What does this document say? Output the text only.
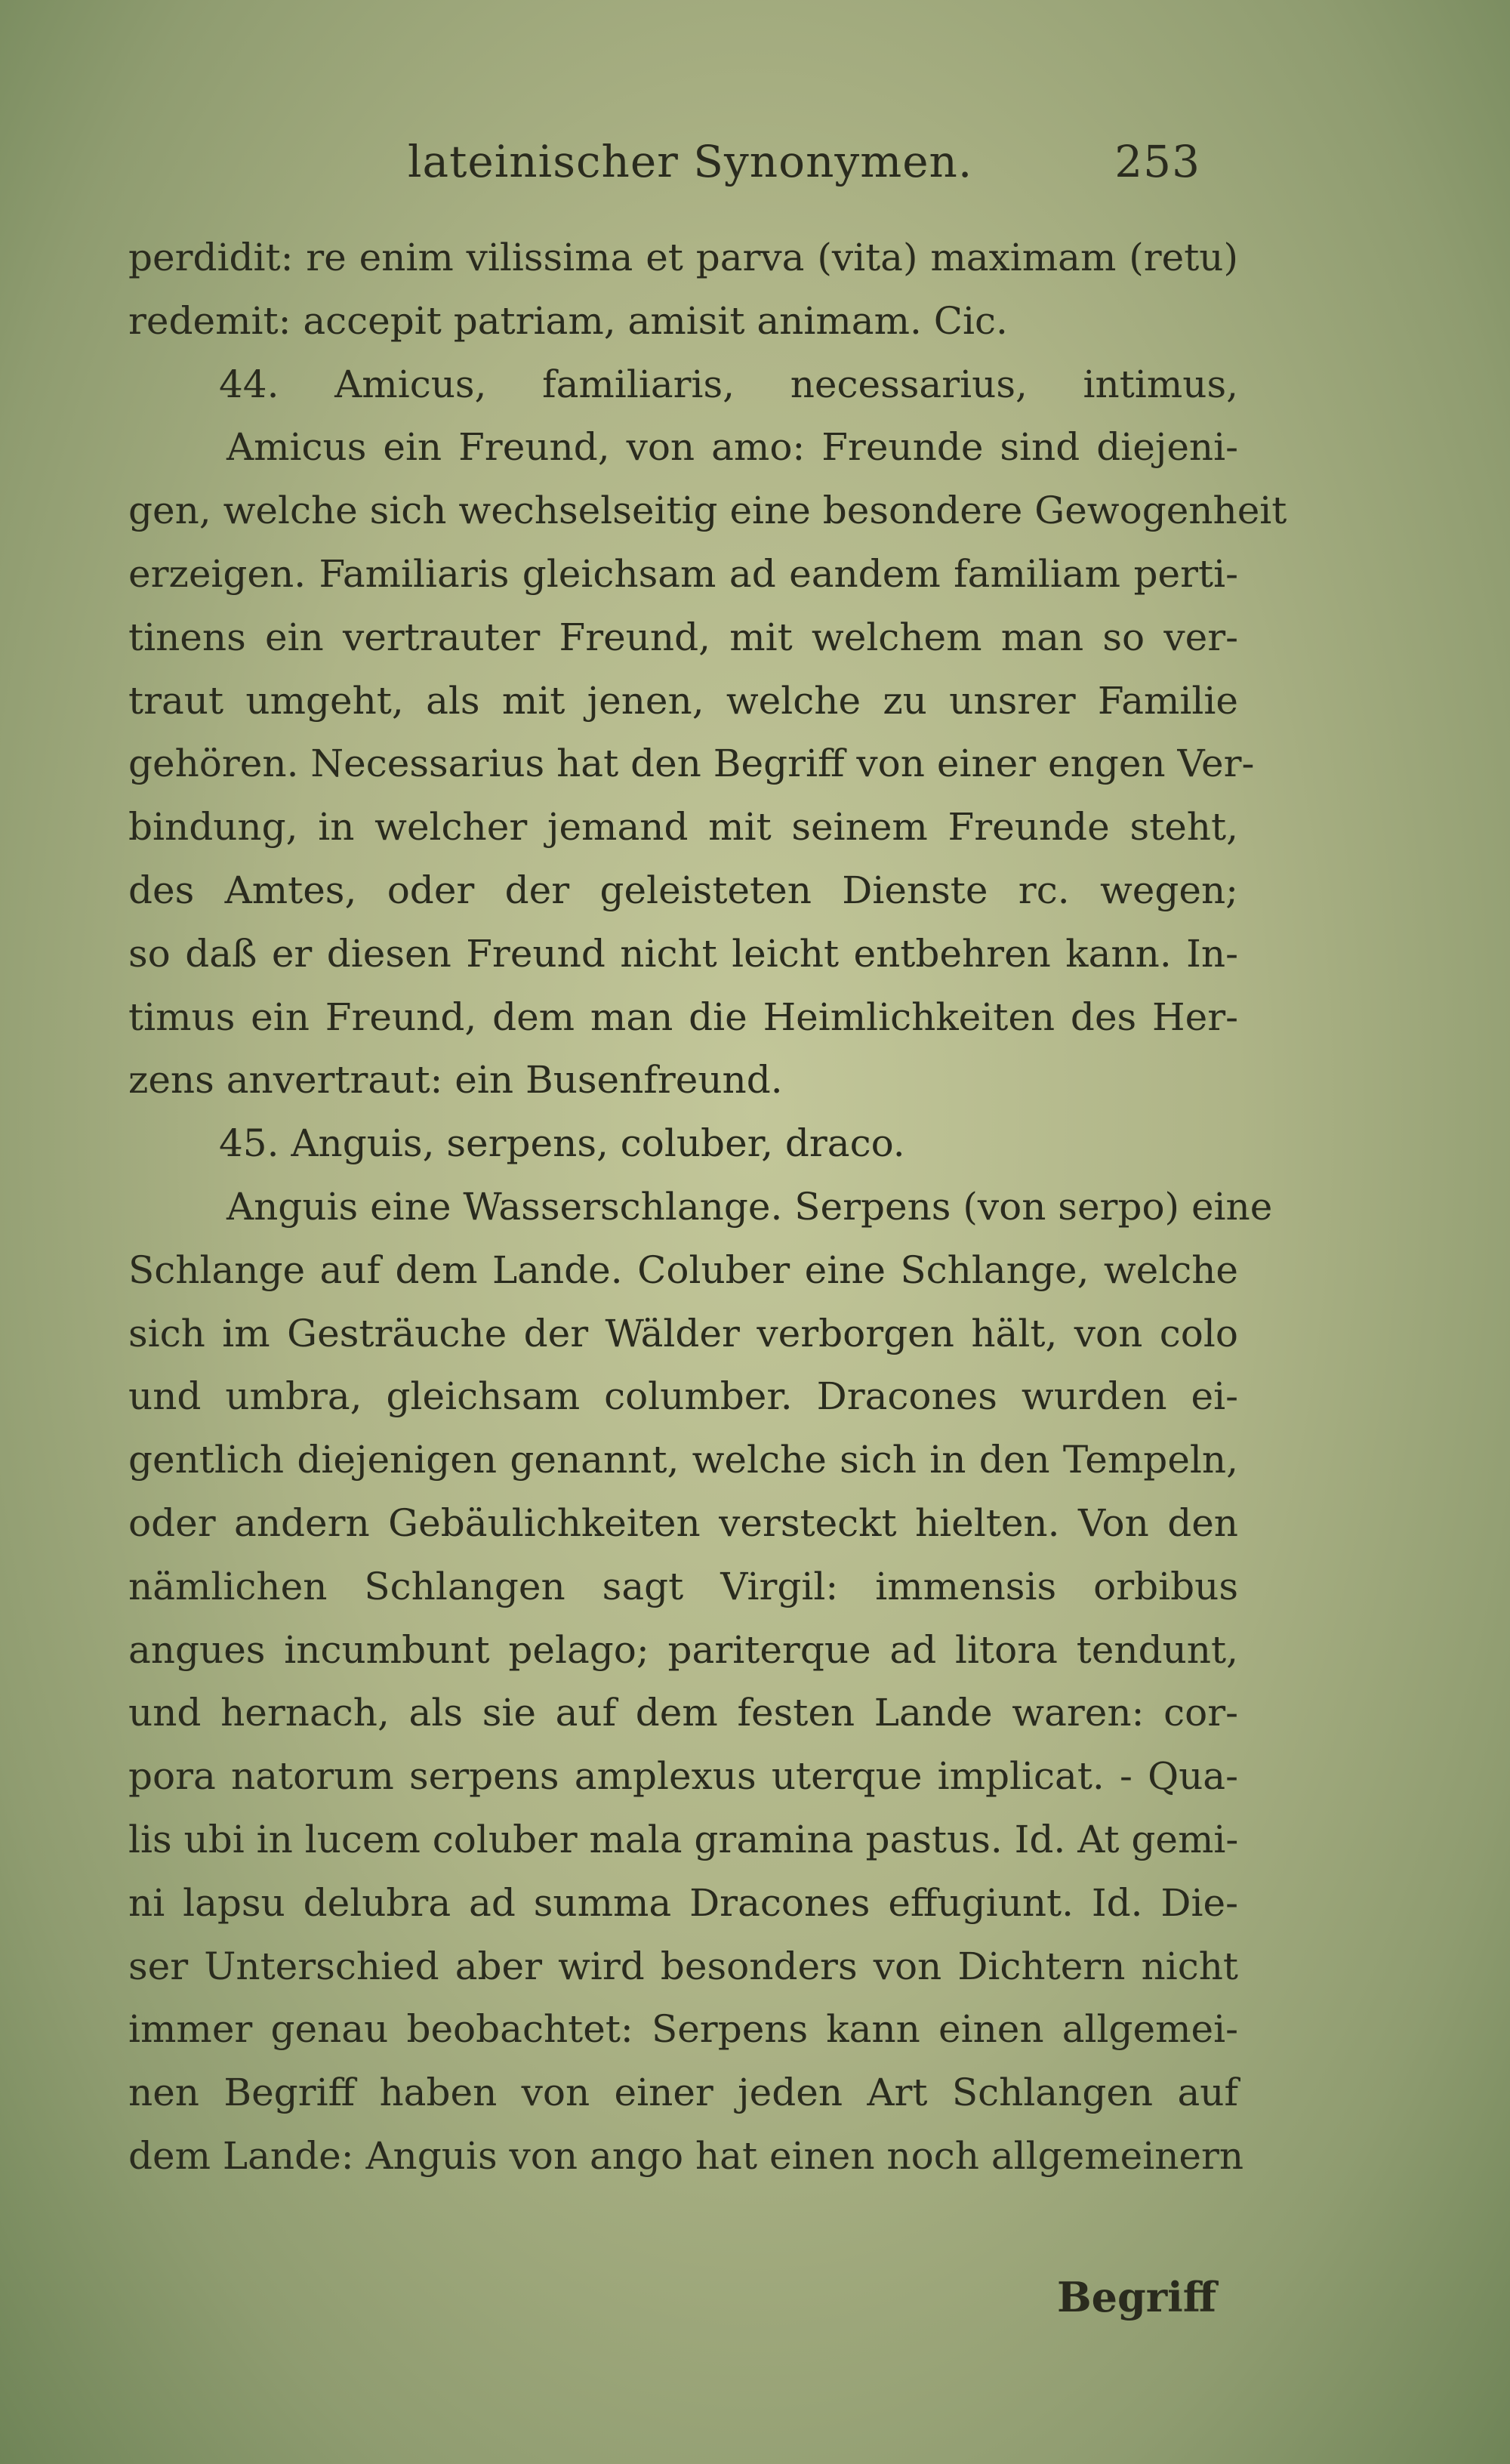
lateinischer Synonymen.	253
perdidit: re enim vilissima et parva (vita) maximam (retu)
redemit: accepit patriam, amisit animam. Cic.
44. Amicus, familiaris, necessarius, intimus,
Amicus ein Freund, von amo: Freunde sind diejeni-
gen, welche sich wechselseitig eine besondere Gewogenheit
erzeigen. Familiaris gleichsam ad eandem familiam perti-
tinens ein vertrauter Freund, mit welchem man so ver-
traut umgeht, als mit jenen, welche zu unsrer Familie
gehören. Necessarius hat den Begriff von einer engen Ver-
bindung, in welcher jemand mit seinem Freunde steht,
des Amtes, oder der geleisteten Dienste rc. wegen;
so daß er diesen Freund nicht leicht entbehren kann. In-
timus ein Freund, dem man die Heimlichkeiten des Her-
zens anvertraut: ein Busenfreund.
45. Anguis, serpens, coluber, draco.
Anguis eine Wasserschlange. Serpens (von serpo) eine
Schlange auf dem Lande. Coluber eine Schlange, welche
sich im Gesträuche der Wälder verborgen hält, von colo
und umbra, gleichsam columber. Dracones wurden ei-
gentlich diejenigen genannt, welche sich in den Tempeln,
oder andern Gebäulichkeiten versteckt hielten. Von den
nämlichen Schlangen sagt Virgil: immensis orbibus
angues incumbunt pelago; pariterque ad litora tendunt,
und hernach, als sie auf dem festen Lande waren: cor-
pora natorum serpens amplexus uterque implicat. - Qua-
lis ubi in lucem coluber mala gramina pastus. Id. At gemi-
ni lapsu delubra ad summa Dracones effugiunt. Id. Die-
ser Unterschied aber wird besonders von Dichtern nicht
immer genau beobachtet: Serpens kann einen allgemei-
nen Begriff haben von einer jeden Art Schlangen auf
dem Lande: Anguis von ango hat einen noch allgemeinern
Begriff
